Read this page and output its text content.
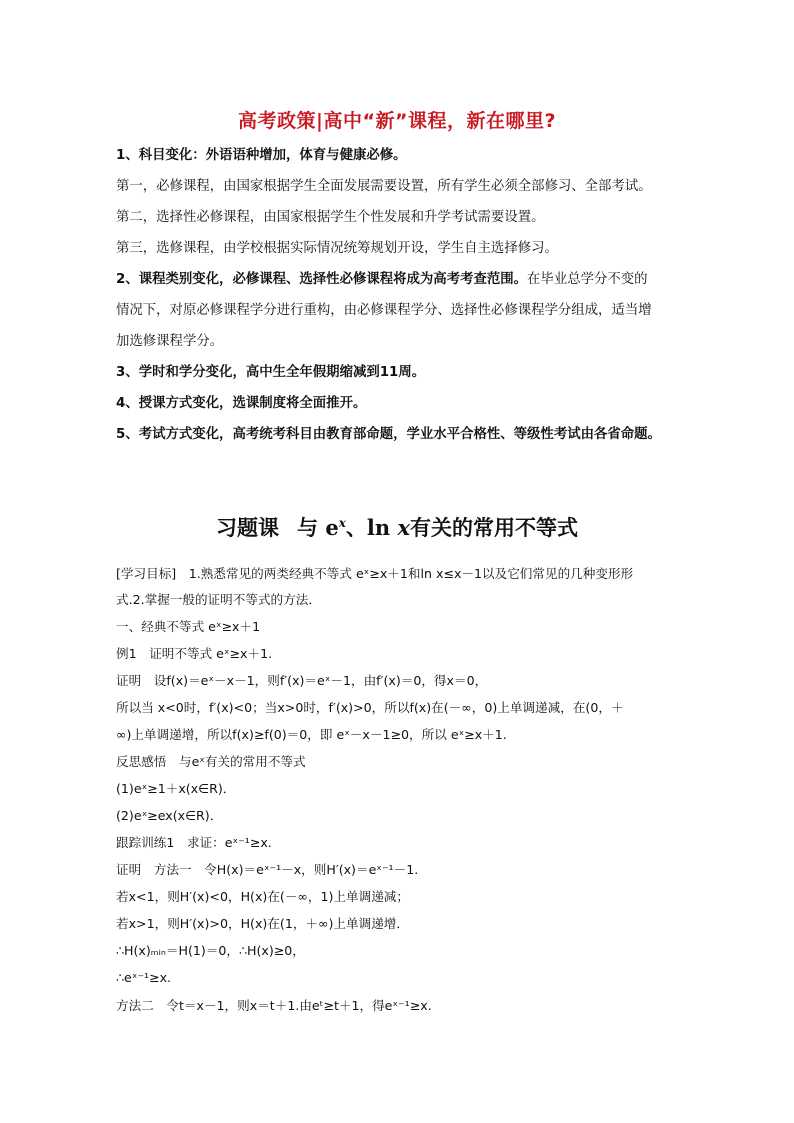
高考政策|高中“新”课程，新在哪里?
1、科目变化：外语语种增加，体育与健康必修。
第一，必修课程，由国家根据学生全面发展需要设置，所有学生必须全部修习、全部考试。
第二，选择性必修课程，由国家根据学生个性发展和升学考试需要设置。
第三，选修课程，由学校根据实际情况统筹规划开设，学生自主选择修习。
2、课程类别变化，必修课程、选择性必修课程将成为高考考查范围。在毕业总学分不变的
情况下，对原必修课程学分进行重构，由必修课程学分、选择性必修课程学分组成，适当增
加选修课程学分。
3、学时和学分变化，高中生全年假期缩减到11周。
4、授课方式变化，选课制度将全面推开。
5、考试方式变化，高考统考科目由教育部命题，学业水平合格性、等级性考试由各省命题。
习题课 与 $e^x$、ln x有关的常用不等式
[学习目标]　1.熟悉常见的两类经典不等式 eˣ≥x＋1和ln x≤x－1以及它们常见的几种变形形
式.2.掌握一般的证明不等式的方法．
一、经典不等式 eˣ≥x＋1
例1　证明不等式 eˣ≥x＋1.
证明　设f(x)＝eˣ－x－1，则f′(x)＝eˣ－1，由f′(x)＝0，得x＝0，
所以当 x<0时，f′(x)<0；当x>0时，f′(x)>0，所以f(x)在(－∞，0)上单调递减，在(0，＋
∞)上单调递增，所以f(x)≥f(0)＝0，即 eˣ－x－1≥0，所以 eˣ≥x＋1.
反思感悟　与eˣ有关的常用不等式
(1)eˣ≥1＋x(x∈R)．
(2)eˣ≥ex(x∈R)．
跟踪训练1　求证：eˣ⁻¹≥x.
证明　方法一　令H(x)＝eˣ⁻¹－x，则H′(x)＝eˣ⁻¹－1.
若x<1，则H′(x)<0，H(x)在(－∞，1)上单调递减；
若x>1，则H′(x)>0，H(x)在(1，＋∞)上单调递增．
∴H(x)ₘᵢₙ＝H(1)＝0，∴H(x)≥0，
∴eˣ⁻¹≥x.
方法二　令t＝x－1，则x＝t＋1.由eᵗ≥t＋1，得eˣ⁻¹≥x.
